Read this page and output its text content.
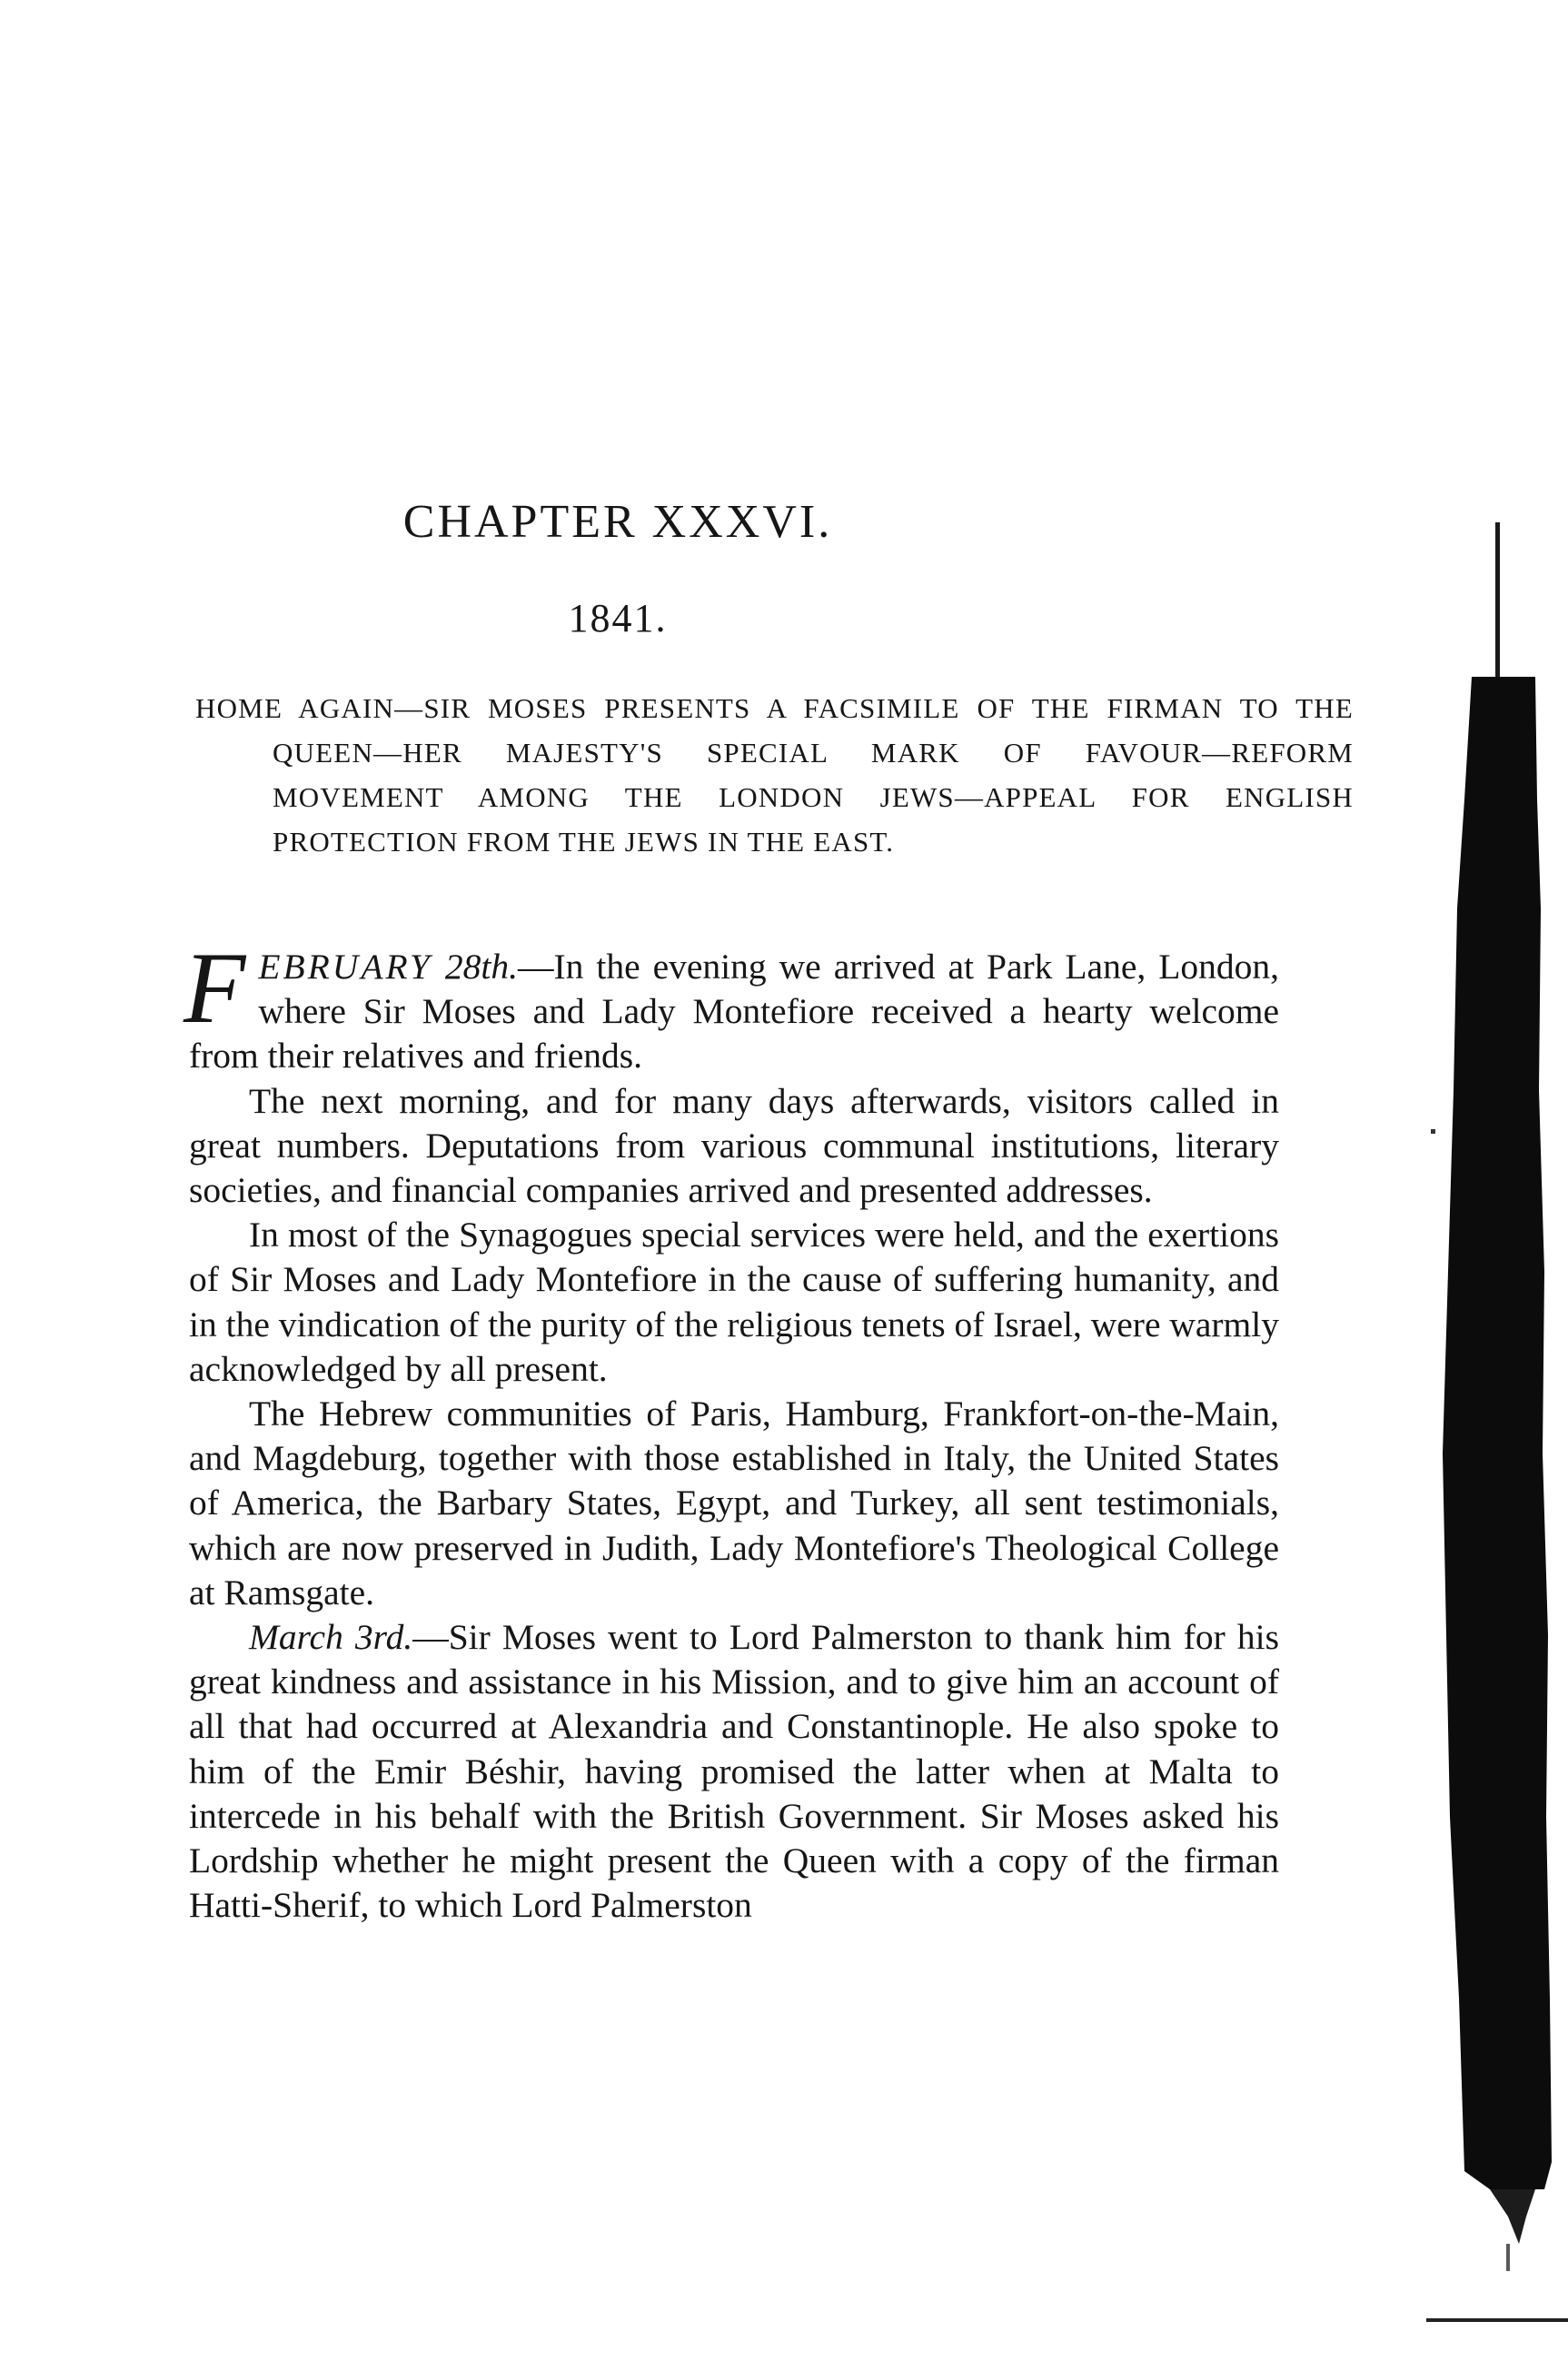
CHAPTER XXXVI.
1841.
HOME AGAIN—SIR MOSES PRESENTS A FACSIMILE OF THE FIRMAN TO THE QUEEN—HER MAJESTY'S SPECIAL MARK OF FAVOUR—REFORM MOVEMENT AMONG THE LONDON JEWS—APPEAL FOR ENGLISH PROTECTION FROM THE JEWS IN THE EAST.

FEBRUARY 28th.—In the evening we arrived at Park Lane, London, where Sir Moses and Lady Montefiore received a hearty welcome from their relatives and friends.

The next morning, and for many days afterwards, visitors called in great numbers. Deputations from various communal institutions, literary societies, and financial companies arrived and presented addresses.

In most of the Synagogues special services were held, and the exertions of Sir Moses and Lady Montefiore in the cause of suffering humanity, and in the vindication of the purity of the religious tenets of Israel, were warmly acknowledged by all present.

The Hebrew communities of Paris, Hamburg, Frankfort-on-the-Main, and Magdeburg, together with those established in Italy, the United States of America, the Barbary States, Egypt, and Turkey, all sent testimonials, which are now preserved in Judith, Lady Montefiore's Theological College at Ramsgate.

March 3rd.—Sir Moses went to Lord Palmerston to thank him for his great kindness and assistance in his Mission, and to give him an account of all that had occurred at Alexandria and Constantinople. He also spoke to him of the Emir Béshir, having promised the latter when at Malta to intercede in his behalf with the British Government. Sir Moses asked his Lordship whether he might present the Queen with a copy of the firman Hatti-Sherif, to which Lord Palmerston
